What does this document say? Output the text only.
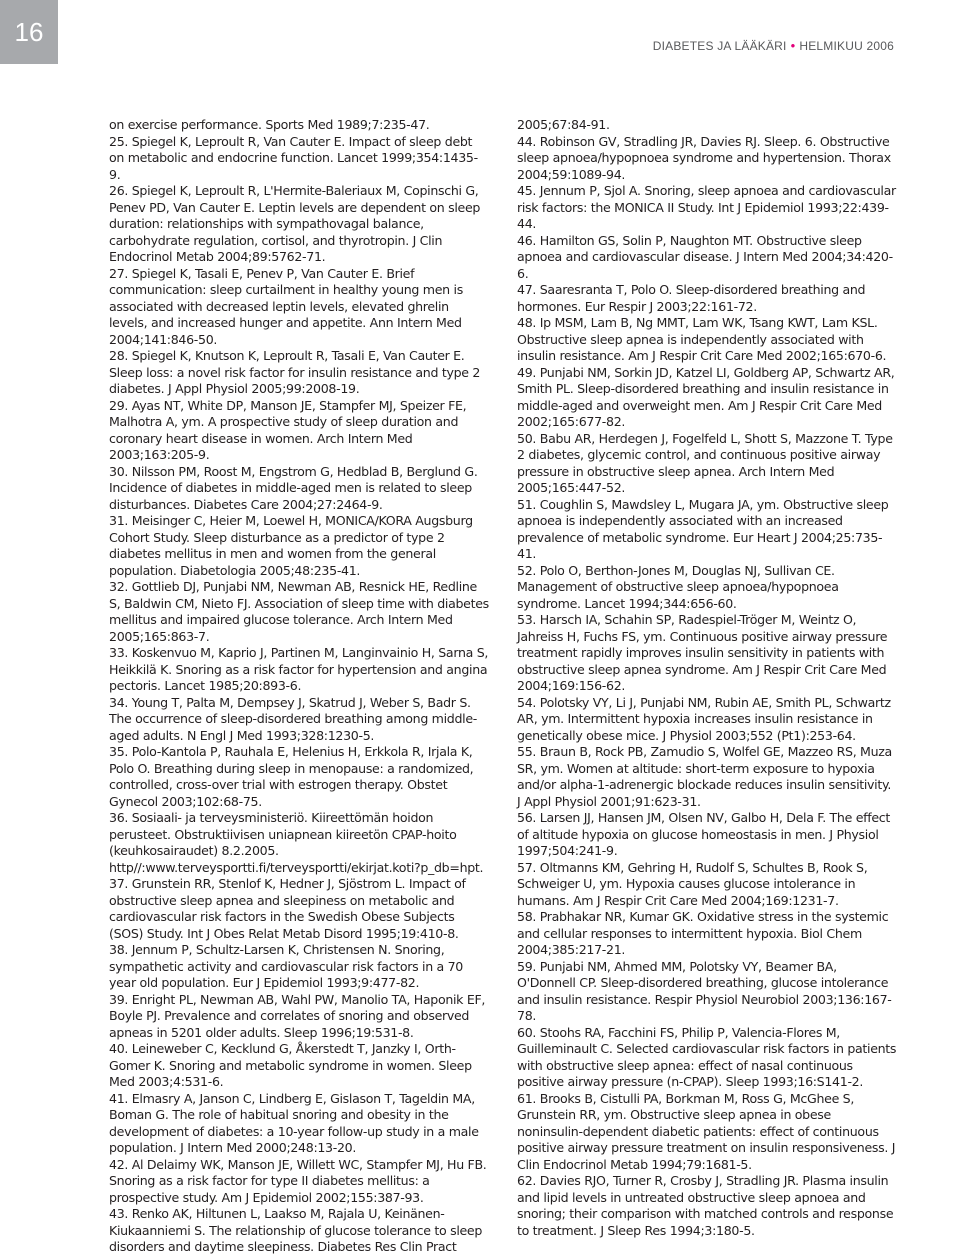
16	DIABETES JA LÄÄKÄRI • HELMIKUU 2006

on exercise performance. Sports Med 1989;7:235-47.

25. Spiegel K, Leproult R, Van Cauter E. Impact of sleep debt on metabolic and endocrine function. Lancet 1999;354:1435-9.

26. Spiegel K, Leproult R, L'Hermite-Baleriaux M, Copinschi G, Penev PD, Van Cauter E. Leptin levels are dependent on sleep duration: relationships with sympathovagal balance, carbohydrate regulation, cortisol, and thyrotropin. J Clin Endocrinol Metab 2004;89:5762-71.

27. Spiegel K, Tasali E, Penev P, Van Cauter E. Brief communication: sleep curtailment in healthy young men is associated with decreased leptin levels, elevated ghrelin levels, and increased hunger and appetite. Ann Intern Med 2004;141:846-50.

28. Spiegel K, Knutson K, Leproult R, Tasali E, Van Cauter E. Sleep loss: a novel risk factor for insulin resistance and type 2 diabetes. J Appl Physiol 2005;99:2008-19.

29. Ayas NT, White DP, Manson JE, Stampfer MJ, Speizer FE, Malhotra A, ym. A prospective study of sleep duration and coronary heart disease in women. Arch Intern Med 2003;163:205-9.

30. Nilsson PM, Roost M, Engstrom G, Hedblad B, Berglund G. Incidence of diabetes in middle-aged men is related to sleep disturbances. Diabetes Care 2004;27:2464-9.

31. Meisinger C, Heier M, Loewel H, MONICA/KORA Augsburg Cohort Study. Sleep disturbance as a predictor of type 2 diabetes mellitus in men and women from the general population. Diabetologia 2005;48:235-41.

32. Gottlieb DJ, Punjabi NM, Newman AB, Resnick HE, Redline S, Baldwin CM, Nieto FJ. Association of sleep time with diabetes mellitus and impaired glucose tolerance. Arch Intern Med 2005;165:863-7.

33. Koskenvuo M, Kaprio J, Partinen M, Langinvainio H, Sarna S, Heikkilä K. Snoring as a risk factor for hypertension and angina pectoris. Lancet 1985;20:893-6.

34. Young T, Palta M, Dempsey J, Skatrud J, Weber S, Badr S. The occurrence of sleep-disordered breathing among middle-aged adults. N Engl J Med 1993;328:1230-5.

35. Polo-Kantola P, Rauhala E, Helenius H, Erkkola R, Irjala K, Polo O. Breathing during sleep in menopause: a randomized, controlled, cross-over trial with estrogen therapy. Obstet Gynecol 2003;102:68-75.

36. Sosiaali- ja terveysministeriö. Kiireettömän hoidon perusteet. Obstruktiivisen uniapnean kiireetön CPAP-hoito (keuhkosairaudet) 8.2.2005. http//:www.terveysportti.fi/terveysportti/ekirjat.koti?p_db=hpt.

37. Grunstein RR, Stenlof K, Hedner J, Sjöstrom L. Impact of obstructive sleep apnea and sleepiness on metabolic and cardiovascular risk factors in the Swedish Obese Subjects (SOS) Study. Int J Obes Relat Metab Disord 1995;19:410-8.

38. Jennum P, Schultz-Larsen K, Christensen N. Snoring, sympathetic activity and cardiovascular risk factors in a 70 year old population. Eur J Epidemiol 1993;9:477-82.

39. Enright PL, Newman AB, Wahl PW, Manolio TA, Haponik EF, Boyle PJ. Prevalence and correlates of snoring and observed apneas in 5201 older adults. Sleep 1996;19:531-8.

40. Leineweber C, Kecklund G, Åkerstedt T, Janzky I, Orth-Gomer K. Snoring and metabolic syndrome in women. Sleep Med 2003;4:531-6.

41. Elmasry A, Janson C, Lindberg E, Gislason T, Tageldin MA, Boman G. The role of habitual snoring and obesity in the development of diabetes: a 10-year follow-up study in a male population. J Intern Med 2000;248:13-20.

42. Al Delaimy WK, Manson JE, Willett WC, Stampfer MJ, Hu FB. Snoring as a risk factor for type II diabetes mellitus: a prospective study. Am J Epidemiol 2002;155:387-93.

43. Renko AK, Hiltunen L, Laakso M, Rajala U, Keinänen-Kiukaanniemi S. The relationship of glucose tolerance to sleep disorders and daytime sleepiness. Diabetes Res Clin Pract

2005;67:84-91.

44. Robinson GV, Stradling JR, Davies RJ. Sleep. 6. Obstructive sleep apnoea/hypopnoea syndrome and hypertension. Thorax 2004;59:1089-94.

45. Jennum P, Sjol A. Snoring, sleep apnoea and cardiovascular risk factors: the MONICA II Study. Int J Epidemiol 1993;22:439-44.

46. Hamilton GS, Solin P, Naughton MT. Obstructive sleep apnoea and cardiovascular disease. J Intern Med 2004;34:420-6.

47. Saaresranta T, Polo O. Sleep-disordered breathing and hormones. Eur Respir J 2003;22:161-72.

48. Ip MSM, Lam B, Ng MMT, Lam WK, Tsang KWT, Lam KSL. Obstructive sleep apnea is independently associated with insulin resistance. Am J Respir Crit Care Med 2002;165:670-6.

49. Punjabi NM, Sorkin JD, Katzel LI, Goldberg AP, Schwartz AR, Smith PL. Sleep-disordered breathing and insulin resistance in middle-aged and overweight men. Am J Respir Crit Care Med 2002;165:677-82.

50. Babu AR, Herdegen J, Fogelfeld L, Shott S, Mazzone T. Type 2 diabetes, glycemic control, and continuous positive airway pressure in obstructive sleep apnea. Arch Intern Med 2005;165:447-52.

51. Coughlin S, Mawdsley L, Mugara JA, ym. Obstructive sleep apnoea is independently associated with an increased prevalence of metabolic syndrome. Eur Heart J 2004;25:735-41.

52. Polo O, Berthon-Jones M, Douglas NJ, Sullivan CE. Management of obstructive sleep apnoea/hypopnoea syndrome. Lancet 1994;344:656-60.

53. Harsch IA, Schahin SP, Radespiel-Tröger M, Weintz O, Jahreiss H, Fuchs FS, ym. Continuous positive airway pressure treatment rapidly improves insulin sensitivity in patients with obstructive sleep apnea syndrome. Am J Respir Crit Care Med 2004;169:156-62.

54. Polotsky VY, Li J, Punjabi NM, Rubin AE, Smith PL, Schwartz AR, ym. Intermittent hypoxia increases insulin resistance in genetically obese mice. J Physiol 2003;552 (Pt1):253-64.

55. Braun B, Rock PB, Zamudio S, Wolfel GE, Mazzeo RS, Muza SR, ym. Women at altitude: short-term exposure to hypoxia and/or alpha-1-adrenergic blockade reduces insulin sensitivity. J Appl Physiol 2001;91:623-31.

56. Larsen JJ, Hansen JM, Olsen NV, Galbo H, Dela F. The effect of altitude hypoxia on glucose homeostasis in men. J Physiol 1997;504:241-9.

57. Oltmanns KM, Gehring H, Rudolf S, Schultes B, Rook S, Schweiger U, ym. Hypoxia causes glucose intolerance in humans. Am J Respir Crit Care Med 2004;169:1231-7.

58. Prabhakar NR, Kumar GK. Oxidative stress in the systemic and cellular responses to intermittent hypoxia. Biol Chem 2004;385:217-21.

59. Punjabi NM, Ahmed MM, Polotsky VY, Beamer BA, O'Donnell CP. Sleep-disordered breathing, glucose intolerance and insulin resistance. Respir Physiol Neurobiol 2003;136:167-78.

60. Stoohs RA, Facchini FS, Philip P, Valencia-Flores M, Guilleminault C. Selected cardiovascular risk factors in patients with obstructive sleep apnea: effect of nasal continuous positive airway pressure (n-CPAP). Sleep 1993;16:S141-2.

61. Brooks B, Cistulli PA, Borkman M, Ross G, McGhee S, Grunstein RR, ym. Obstructive sleep apnea in obese noninsulin-dependent diabetic patients: effect of continuous positive airway pressure treatment on insulin responsiveness. J Clin Endocrinol Metab 1994;79:1681-5.

62. Davies RJO, Turner R, Crosby J, Stradling JR. Plasma insulin and lipid levels in untreated obstructive sleep apnoea and snoring; their comparison with matched controls and response to treatment. J Sleep Res 1994;3:180-5.
